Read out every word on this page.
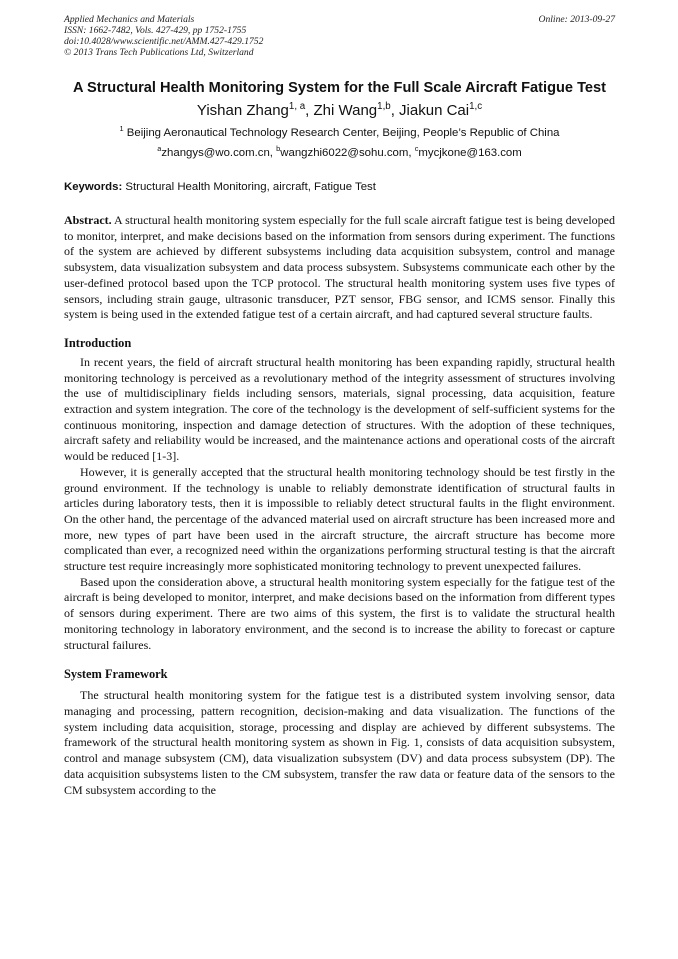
Applied Mechanics and Materials
ISSN: 1662-7482, Vols. 427-429, pp 1752-1755
doi:10.4028/www.scientific.net/AMM.427-429.1752
© 2013 Trans Tech Publications Ltd, Switzerland
Online: 2013-09-27
A Structural Health Monitoring System for the Full Scale Aircraft Fatigue Test
Yishan Zhang$^{1, a}$, Zhi Wang$^{1,b}$, Jiakun Cai$^{1,c}$
$^1$ Beijing Aeronautical Technology Research Center, Beijing, People’s Republic of China
$^a$zhangys@wo.com.cn, $^b$wangzhi6022@sohu.com, $^c$mycjkone@163.com
Keywords: Structural Health Monitoring, aircraft, Fatigue Test
Abstract. A structural health monitoring system especially for the full scale aircraft fatigue test is being developed to monitor, interpret, and make decisions based on the information from sensors during experiment. The functions of the system are achieved by different subsystems including data acquisition subsystem, control and manage subsystem, data visualization subsystem and data process subsystem. Subsystems communicate each other by the user-defined protocol based upon the TCP protocol. The structural health monitoring system uses five types of sensors, including strain gauge, ultrasonic transducer, PZT sensor, FBG sensor, and ICMS sensor. Finally this system is being used in the extended fatigue test of a certain aircraft, and had captured several structure faults.
Introduction

In recent years, the field of aircraft structural health monitoring has been expanding rapidly, structural health monitoring technology is perceived as a revolutionary method of the integrity assessment of structures involving the use of multidisciplinary fields including sensors, materials, signal processing, data acquisition, feature extraction and system integration. The core of the technology is the development of self-sufficient systems for the continuous monitoring, inspection and damage detection of structures. With the adoption of these techniques, aircraft safety and reliability would be increased, and the maintenance actions and operational costs of the aircraft would be reduced [1-3].

However, it is generally accepted that the structural health monitoring technology should be test firstly in the ground environment. If the technology is unable to reliably demonstrate identification of structural faults in articles during laboratory tests, then it is impossible to reliably detect structural faults in the flight environment. On the other hand, the percentage of the advanced material used on aircraft structure has been increased more and more, new types of part have been used in the aircraft structure, the aircraft structure has become more complicated than ever, a recognized need within the organizations performing structural testing is that the aircraft structure test require increasingly more sophisticated monitoring technology to prevent unexpected failures.

Based upon the consideration above, a structural health monitoring system especially for the fatigue test of the aircraft is being developed to monitor, interpret, and make decisions based on the information from different types of sensors during experiment. There are two aims of this system, the first is to validate the structural health monitoring technology in laboratory environment, and the second is to increase the ability to forecast or capture structural failures.

System Framework

The structural health monitoring system for the fatigue test is a distributed system involving sensor, data managing and processing, pattern recognition, decision-making and data visualization. The functions of the system including data acquisition, storage, processing and display are achieved by different subsystems. The framework of the structural health monitoring system as shown in Fig. 1, consists of data acquisition subsystem, control and manage subsystem (CM), data visualization subsystem (DV) and data process subsystem (DP). The data acquisition subsystems listen to the CM subsystem, transfer the raw data or feature data of the sensors to the CM subsystem according to the
